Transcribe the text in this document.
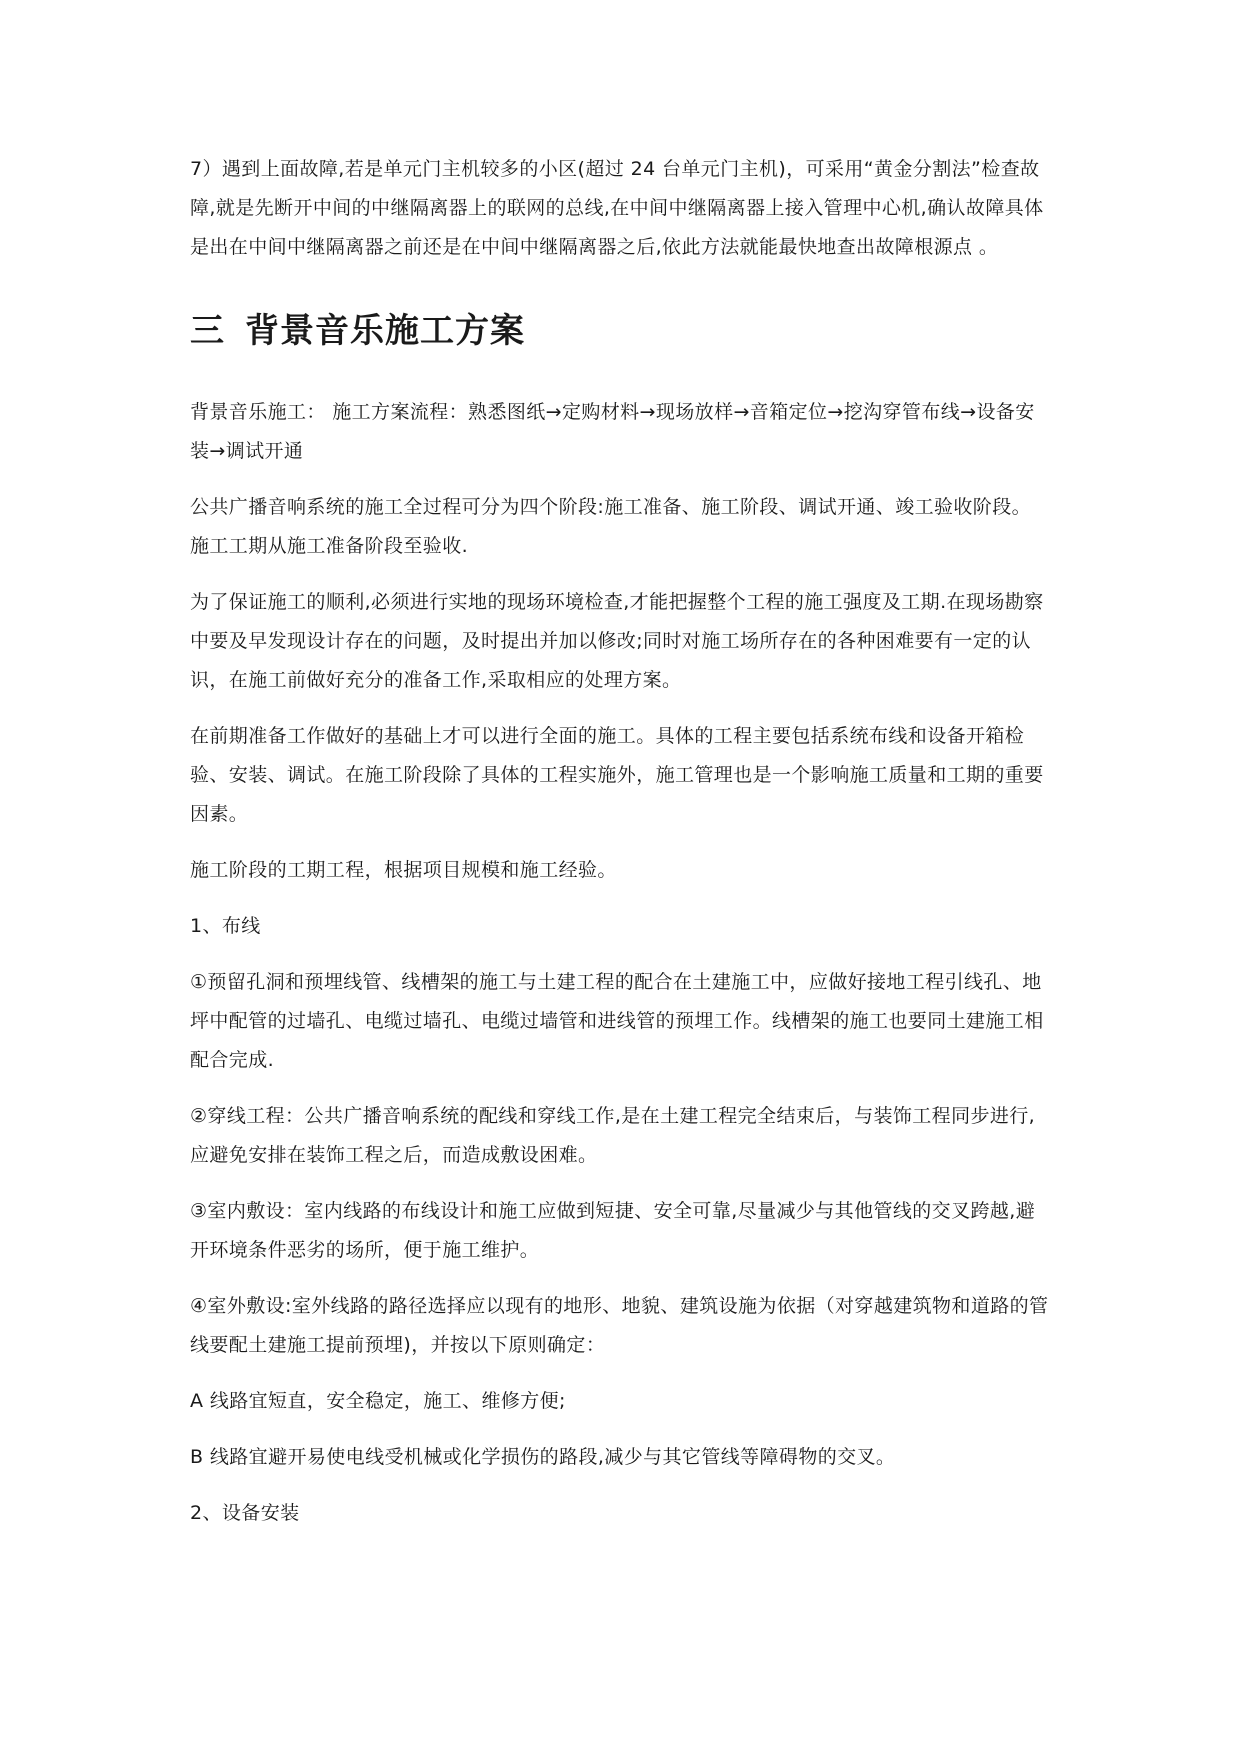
7）遇到上面故障,若是单元门主机较多的小区(超过 24 台单元门主机)，可采用“黄金分割法”检查故障,就是先断开中间的中继隔离器上的联网的总线,在中间中继隔离器上接入管理中心机,确认故障具体是出在中间中继隔离器之前还是在中间中继隔离器之后,依此方法就能最快地查出故障根源点 。

三 背景音乐施工方案

背景音乐施工： 施工方案流程：熟悉图纸→定购材料→现场放样→音箱定位→挖沟穿管布线→设备安装→调试开通

公共广播音响系统的施工全过程可分为四个阶段:施工准备、施工阶段、调试开通、竣工验收阶段。施工工期从施工准备阶段至验收.

为了保证施工的顺利,必须进行实地的现场环境检查,才能把握整个工程的施工强度及工期.在现场勘察中要及早发现设计存在的问题，及时提出并加以修改;同时对施工场所存在的各种困难要有一定的认识，在施工前做好充分的准备工作,采取相应的处理方案。

在前期准备工作做好的基础上才可以进行全面的施工。具体的工程主要包括系统布线和设备开箱检验、安装、调试。在施工阶段除了具体的工程实施外，施工管理也是一个影响施工质量和工期的重要因素。

施工阶段的工期工程，根据项目规模和施工经验。

1、布线

①预留孔洞和预埋线管、线槽架的施工与土建工程的配合在土建施工中，应做好接地工程引线孔、地坪中配管的过墙孔、电缆过墙孔、电缆过墙管和进线管的预埋工作。线槽架的施工也要同土建施工相配合完成.

②穿线工程：公共广播音响系统的配线和穿线工作,是在土建工程完全结束后，与装饰工程同步进行,应避免安排在装饰工程之后，而造成敷设困难。

③室内敷设：室内线路的布线设计和施工应做到短捷、安全可靠,尽量减少与其他管线的交叉跨越,避开环境条件恶劣的场所，便于施工维护。

④室外敷设:室外线路的路径选择应以现有的地形、地貌、建筑设施为依据（对穿越建筑物和道路的管线要配土建施工提前预埋)，并按以下原则确定：

A 线路宜短直，安全稳定，施工、维修方便;

B 线路宜避开易使电线受机械或化学损伤的路段,减少与其它管线等障碍物的交叉。

2、设备安装
